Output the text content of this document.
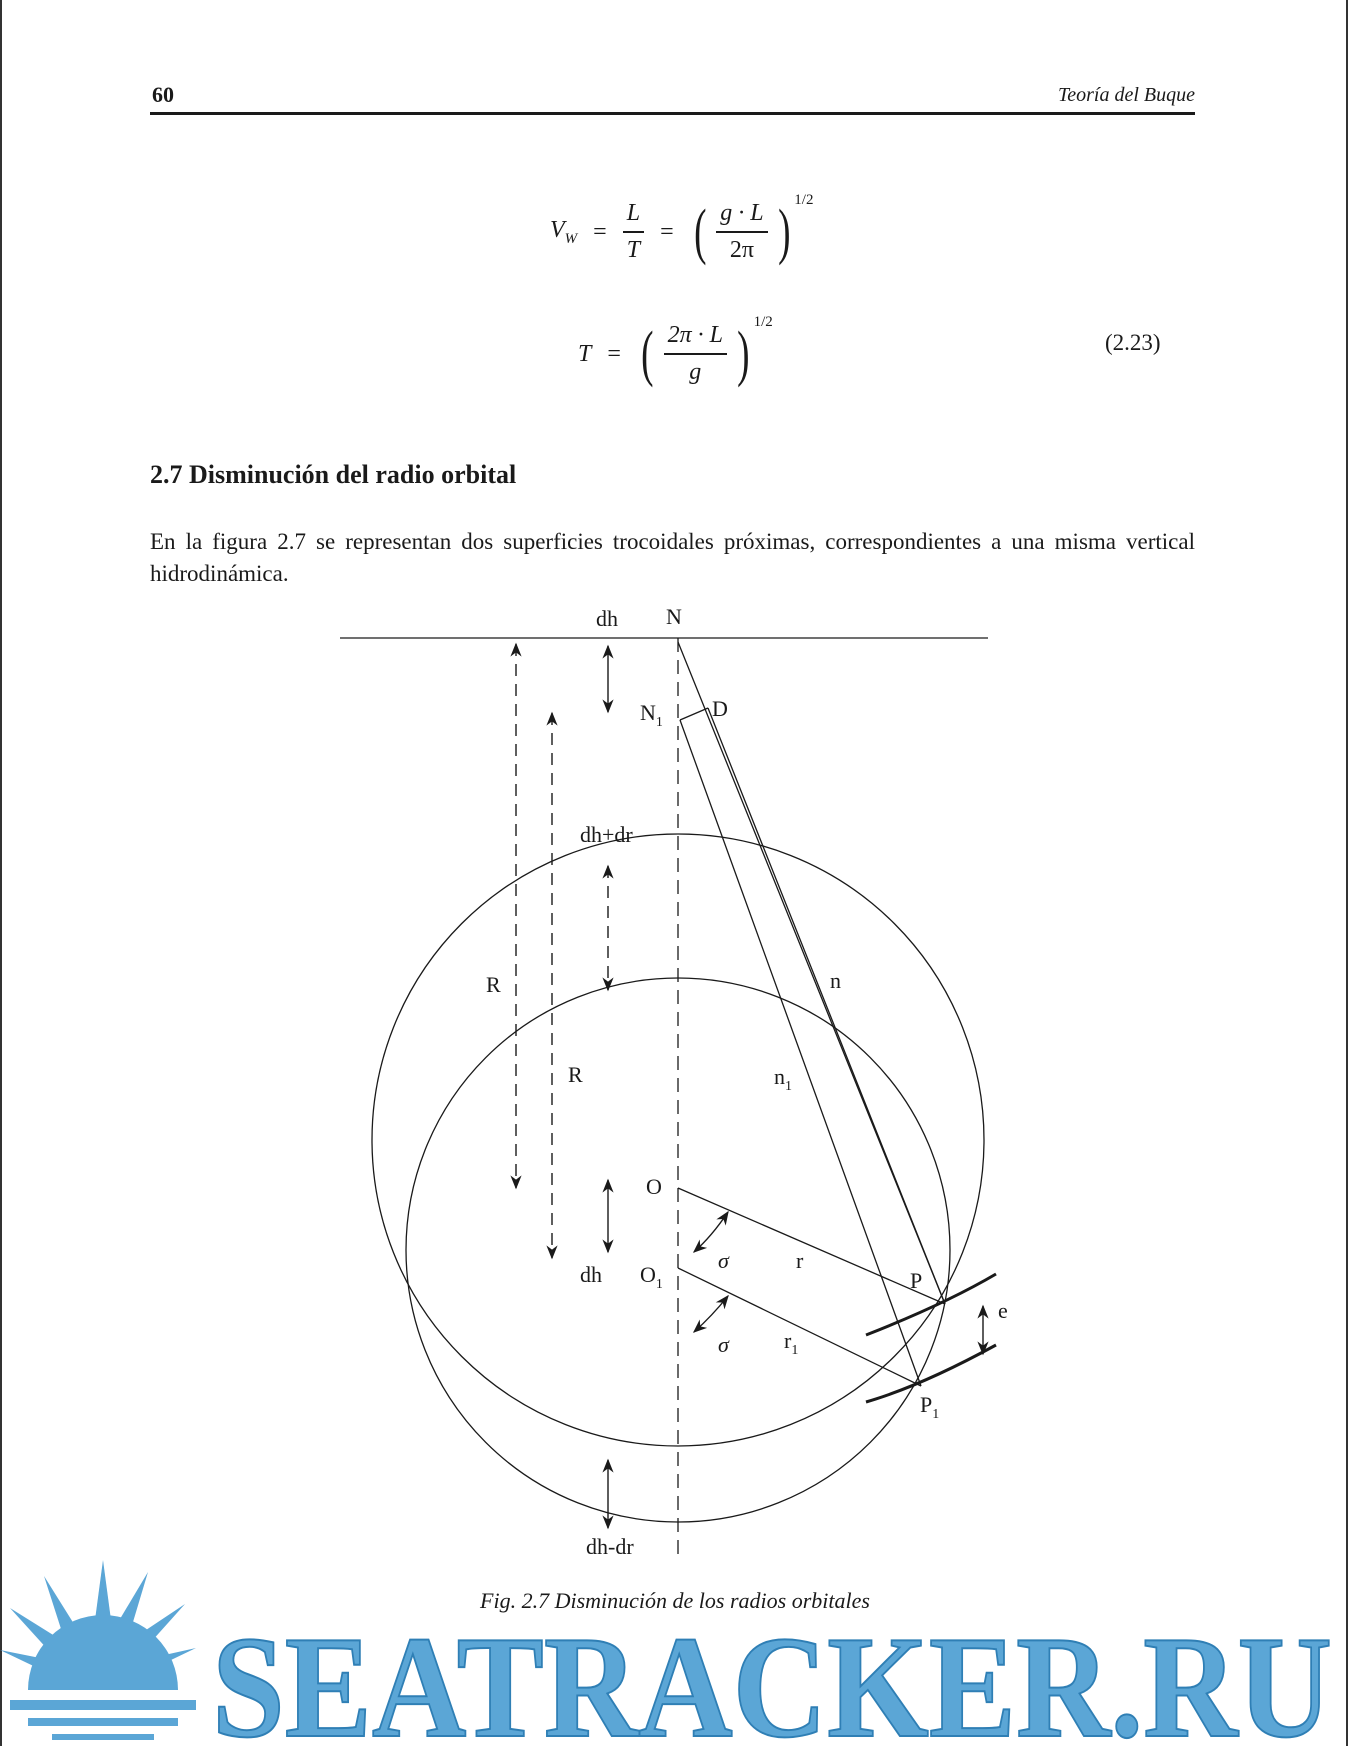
60	Teoría del Buque
$V_W = \frac{L}{T}$ = ( $\frac{g \cdot L}{2\pi}$ ) $^{1/2}$
T = ( $\frac{2\pi \cdot L}{g}$ ) $^{1/2}$
(2.23)
2.7 Disminución del radio orbital
En la figura 2.7 se representan dos superficies trocoidales próximas, correspondientes a una misma vertical hidrodinámica.
dh N
$N_1$
D
dh+dr
R
R
n
$n_1$
O
$O_1$
σ
σ
r
$r_1$
dh	P
$P_1$
e
dh-dr
Fig. 2.7 Disminución de los radios orbitales
SEATRACKER.RU
